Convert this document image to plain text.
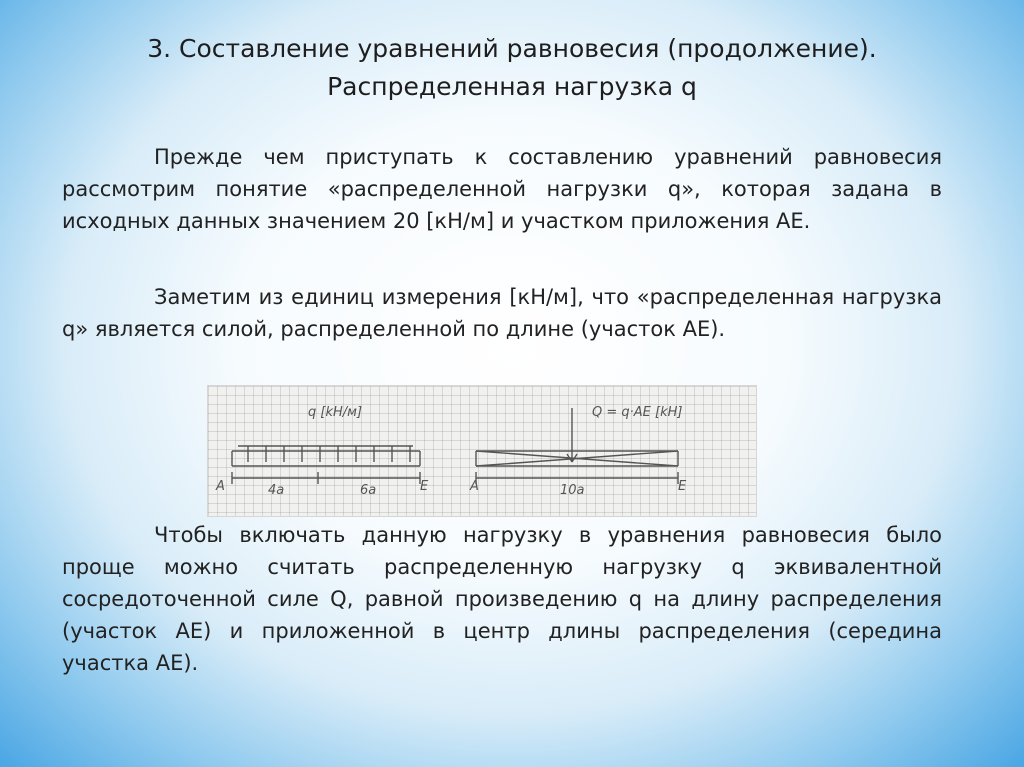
3. Составление уравнений равновесия (продолжение).
Распределенная нагрузка q
Прежде чем приступать к составлению уравнений равновесия рассмотрим понятие «распределенной нагрузки q», которая задана в исходных данных значением 20 [кН/м] и участком приложения АЕ.
Заметим из единиц измерения [кН/м], что «распределенная нагрузка q» является силой, распределенной по длине (участок АЕ).
q [kH/м]
A	E
4a	6a
Q = q·AE [kH]
A	E
10a
Чтобы включать данную нагрузку в уравнения равновесия было проще можно считать распределенную нагрузку q эквивалентной сосредоточенной силе Q, равной произведению q на длину распределения (участок АЕ) и приложенной в центр длины распределения (середина участка АЕ).
